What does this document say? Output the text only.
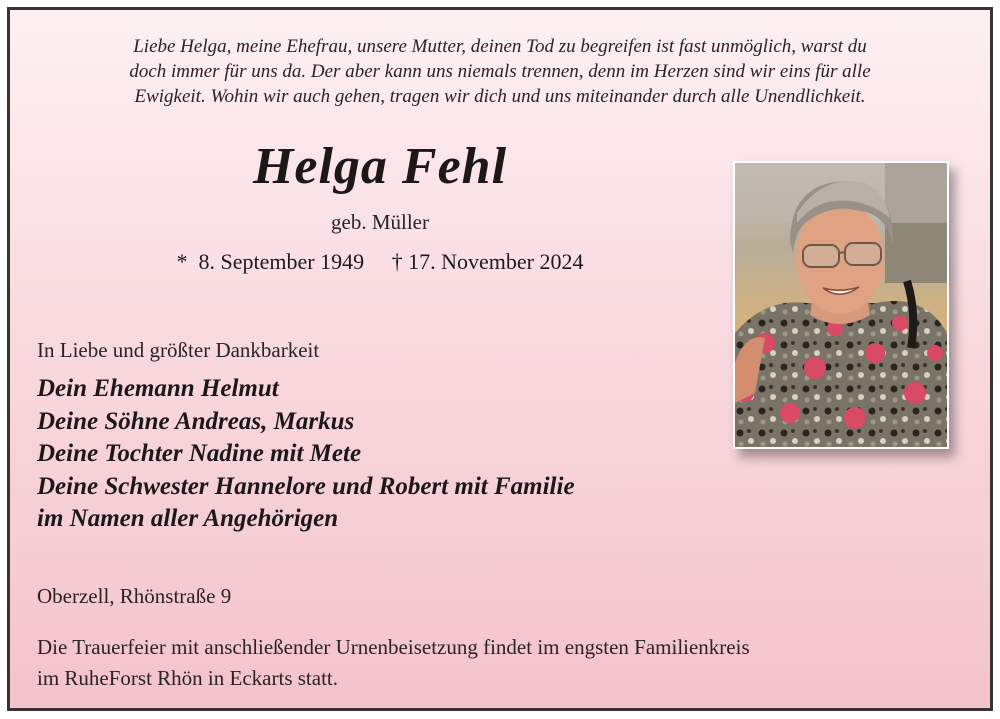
Liebe Helga, meine Ehefrau, unsere Mutter, deinen Tod zu begreifen ist fast unmöglich, warst du
doch immer für uns da. Der aber kann uns niemals trennen, denn im Herzen sind wir eins für alle
Ewigkeit. Wohin wir auch gehen, tragen wir dich und uns miteinander durch alle Unendlichkeit.
Helga Fehl
geb. Müller
*  8. September 1949     † 17. November 2024
In Liebe und größter Dankbarkeit
Dein Ehemann Helmut
Deine Söhne Andreas, Markus
Deine Tochter Nadine mit Mete
Deine Schwester Hannelore und Robert mit Familie
im Namen aller Angehörigen
Oberzell, Rhönstraße 9
Die Trauerfeier mit anschließender Urnenbeisetzung findet im engsten Familienkreis
im RuheForst Rhön in Eckarts statt.
